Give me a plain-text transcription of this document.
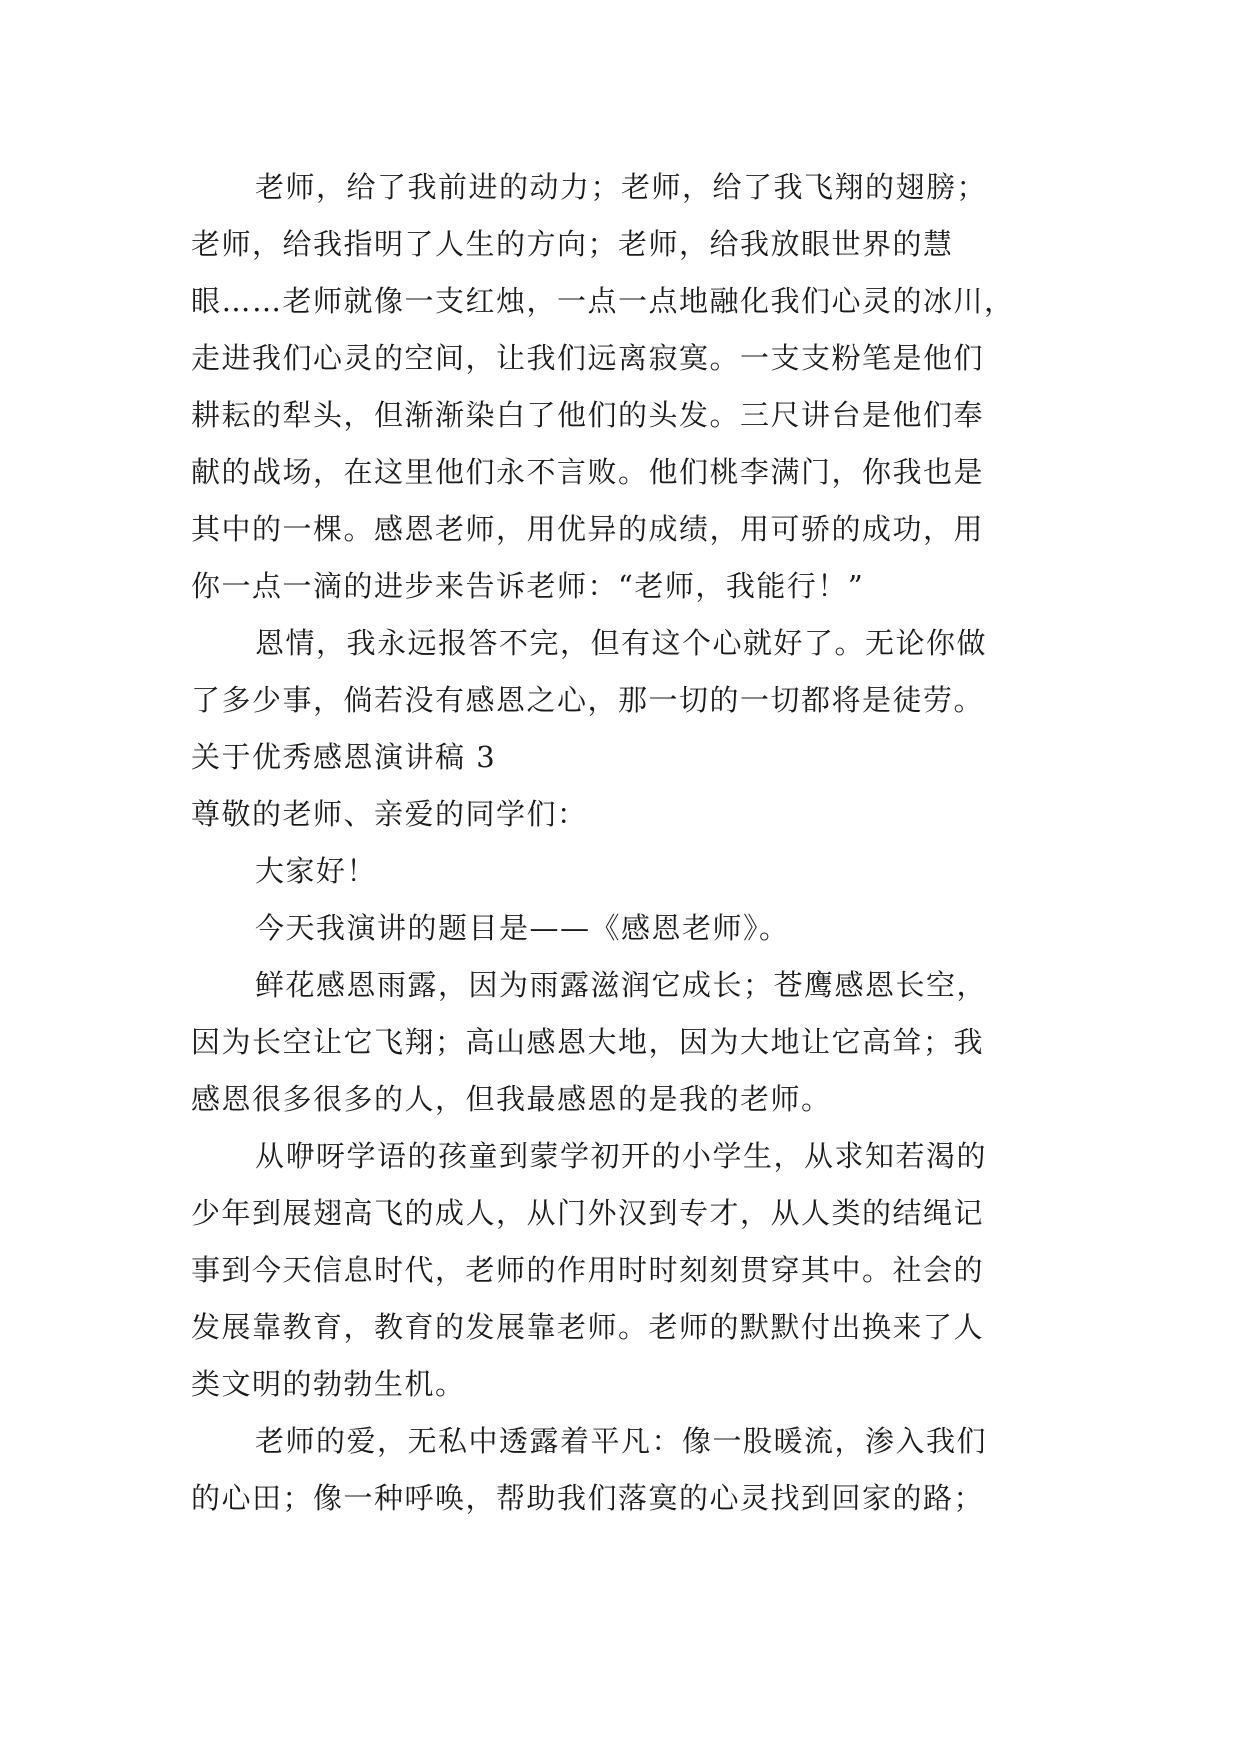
老师，给了我前进的动力；老师，给了我飞翔的翅膀；
老师，给我指明了人生的方向；老师，给我放眼世界的慧
眼……老师就像一支红烛，一点一点地融化我们心灵的冰川，
走进我们心灵的空间，让我们远离寂寞。一支支粉笔是他们
耕耘的犁头，但渐渐染白了他们的头发。三尺讲台是他们奉
献的战场，在这里他们永不言败。他们桃李满门，你我也是
其中的一棵。感恩老师，用优异的成绩，用可骄的成功，用
你一点一滴的进步来告诉老师：“老师，我能行！”
恩情，我永远报答不完，但有这个心就好了。无论你做
了多少事，倘若没有感恩之心，那一切的一切都将是徒劳。
关于优秀感恩演讲稿 3
尊敬的老师、亲爱的同学们：
大家好！
今天我演讲的题目是——《感恩老师》。
鲜花感恩雨露，因为雨露滋润它成长；苍鹰感恩长空，
因为长空让它飞翔；高山感恩大地，因为大地让它高耸；我
感恩很多很多的人，但我最感恩的是我的老师。
从咿呀学语的孩童到蒙学初开的小学生，从求知若渴的
少年到展翅高飞的成人，从门外汉到专才，从人类的结绳记
事到今天信息时代，老师的作用时时刻刻贯穿其中。社会的
发展靠教育，教育的发展靠老师。老师的默默付出换来了人
类文明的勃勃生机。
老师的爱，无私中透露着平凡：像一股暖流，渗入我们
的心田；像一种呼唤，帮助我们落寞的心灵找到回家的路；
